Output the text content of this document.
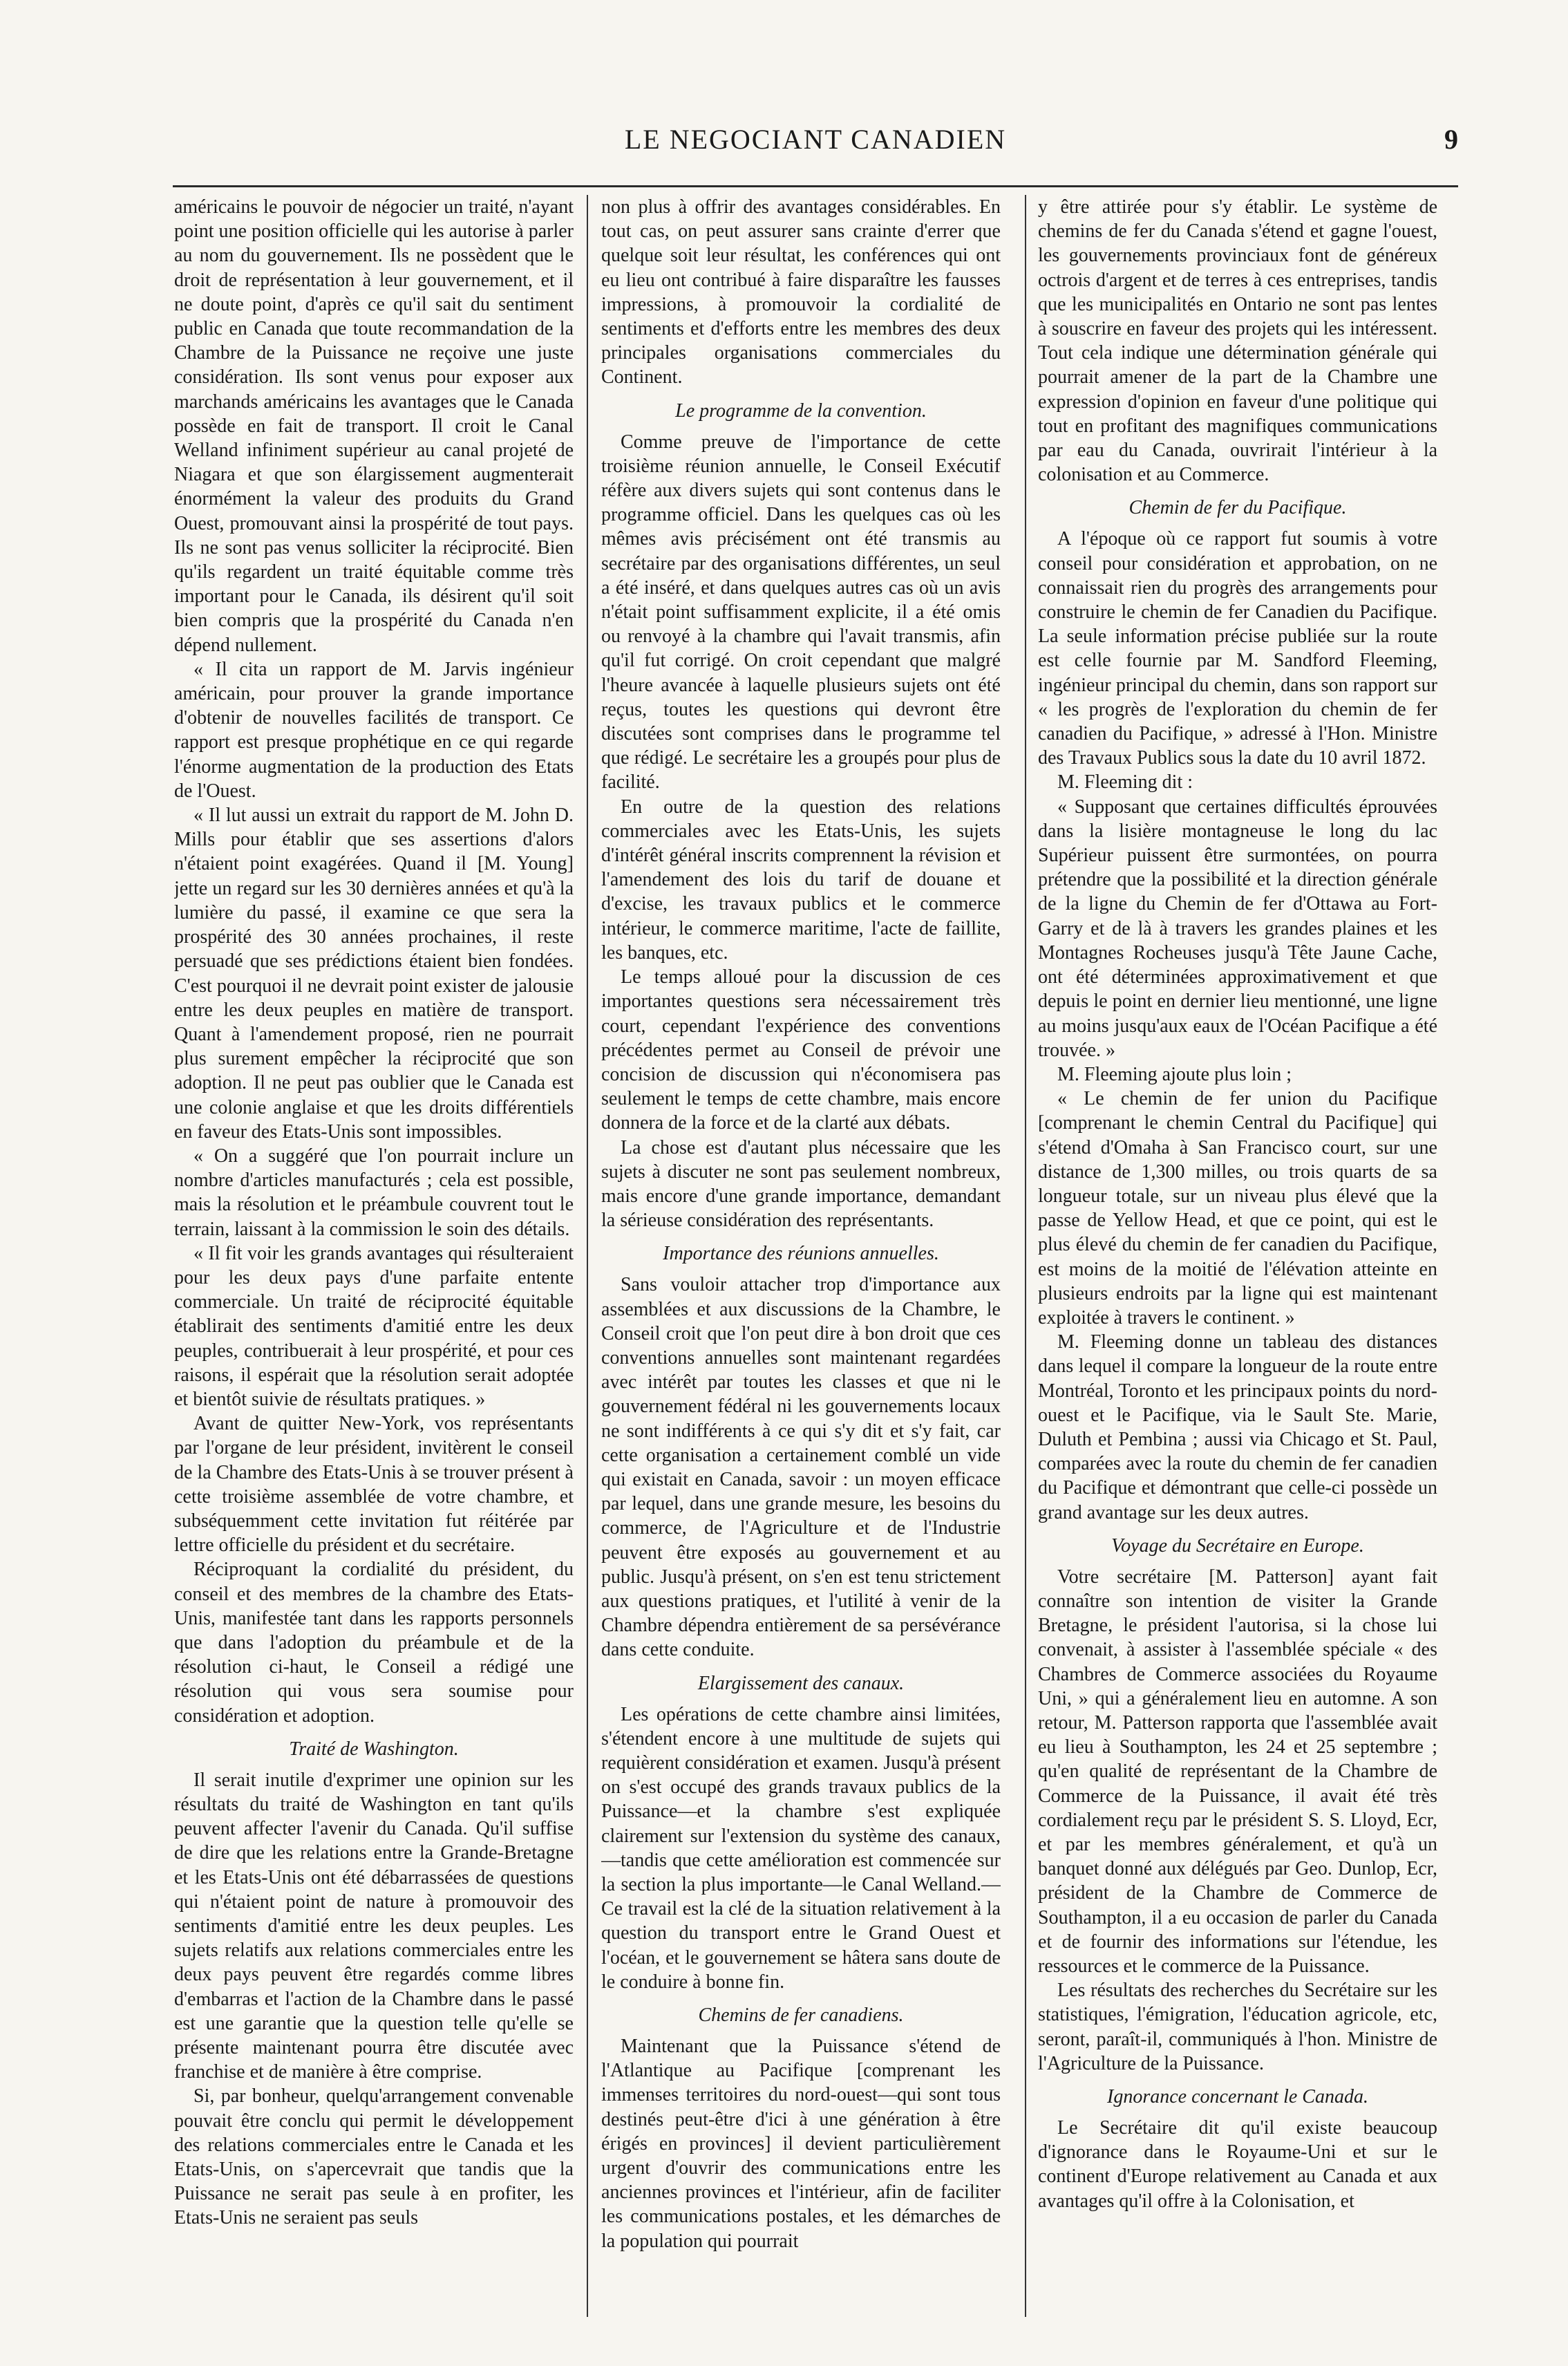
LE NEGOCIANT CANADIEN	9

américains le pouvoir de négocier un traité, n'ayant point une position officielle qui les autorise à parler au nom du gouvernement. Ils ne possèdent que le droit de représentation à leur gouvernement, et il ne doute point, d'après ce qu'il sait du sentiment public en Canada que toute recommandation de la Chambre de la Puissance ne reçoive une juste considération. Ils sont venus pour exposer aux marchands américains les avantages que le Canada possède en fait de transport. Il croit le Canal Welland infiniment supérieur au canal projeté de Niagara et que son élargissement augmenterait énormément la valeur des produits du Grand Ouest, promouvant ainsi la prospérité de tout pays. Ils ne sont pas venus solliciter la réciprocité. Bien qu'ils regardent un traité équitable comme très important pour le Canada, ils désirent qu'il soit bien compris que la prospérité du Canada n'en dépend nullement.

« Il cita un rapport de M. Jarvis ingénieur américain, pour prouver la grande importance d'obtenir de nouvelles facilités de transport. Ce rapport est presque prophétique en ce qui regarde l'énorme augmentation de la production des Etats de l'Ouest.

« Il lut aussi un extrait du rapport de M. John D. Mills pour établir que ses assertions d'alors n'étaient point exagérées. Quand il [M. Young] jette un regard sur les 30 dernières années et qu'à la lumière du passé, il examine ce que sera la prospérité des 30 années prochaines, il reste persuadé que ses prédictions étaient bien fondées. C'est pourquoi il ne devrait point exister de jalousie entre les deux peuples en matière de transport. Quant à l'amendement proposé, rien ne pourrait plus surement empêcher la réciprocité que son adoption. Il ne peut pas oublier que le Canada est une colonie anglaise et que les droits différentiels en faveur des Etats-Unis sont impossibles.

« On a suggéré que l'on pourrait inclure un nombre d'articles manufacturés ; cela est possible, mais la résolution et le préambule couvrent tout le terrain, laissant à la commission le soin des détails.

« Il fit voir les grands avantages qui résulteraient pour les deux pays d'une parfaite entente commerciale. Un traité de réciprocité équitable établirait des sentiments d'amitié entre les deux peuples, contribuerait à leur prospérité, et pour ces raisons, il espérait que la résolution serait adoptée et bientôt suivie de résultats pratiques. »

Avant de quitter New-York, vos représentants par l'organe de leur président, invitèrent le conseil de la Chambre des Etats-Unis à se trouver présent à cette troisième assemblée de votre chambre, et subséquemment cette invitation fut réitérée par lettre officielle du président et du secrétaire.

Réciproquant la cordialité du président, du conseil et des membres de la chambre des Etats-Unis, manifestée tant dans les rapports personnels que dans l'adoption du préambule et de la résolution ci-haut, le Conseil a rédigé une résolution qui vous sera soumise pour considération et adoption.

Traité de Washington.

Il serait inutile d'exprimer une opinion sur les résultats du traité de Washington en tant qu'ils peuvent affecter l'avenir du Canada. Qu'il suffise de dire que les relations entre la Grande-Bretagne et les Etats-Unis ont été débarrassées de questions qui n'étaient point de nature à promouvoir des sentiments d'amitié entre les deux peuples. Les sujets relatifs aux relations commerciales entre les deux pays peuvent être regardés comme libres d'embarras et l'action de la Chambre dans le passé est une garantie que la question telle qu'elle se présente maintenant pourra être discutée avec franchise et de manière à être comprise.

Si, par bonheur, quelqu'arrangement convenable pouvait être conclu qui permit le développement des relations commerciales entre le Canada et les Etats-Unis, on s'apercevrait que tandis que la Puissance ne serait pas seule à en profiter, les Etats-Unis ne seraient pas seuls

non plus à offrir des avantages considérables. En tout cas, on peut assurer sans crainte d'errer que quelque soit leur résultat, les conférences qui ont eu lieu ont contribué à faire disparaître les fausses impressions, à promouvoir la cordialité de sentiments et d'efforts entre les membres des deux principales organisations commerciales du Continent.

Le programme de la convention.

Comme preuve de l'importance de cette troisième réunion annuelle, le Conseil Exécutif réfère aux divers sujets qui sont contenus dans le programme officiel. Dans les quelques cas où les mêmes avis précisément ont été transmis au secrétaire par des organisations différentes, un seul a été inséré, et dans quelques autres cas où un avis n'était point suffisamment explicite, il a été omis ou renvoyé à la chambre qui l'avait transmis, afin qu'il fut corrigé. On croit cependant que malgré l'heure avancée à laquelle plusieurs sujets ont été reçus, toutes les questions qui devront être discutées sont comprises dans le programme tel que rédigé. Le secrétaire les a groupés pour plus de facilité.

En outre de la question des relations commerciales avec les Etats-Unis, les sujets d'intérêt général inscrits comprennent la révision et l'amendement des lois du tarif de douane et d'excise, les travaux publics et le commerce intérieur, le commerce maritime, l'acte de faillite, les banques, etc.

Le temps alloué pour la discussion de ces importantes questions sera nécessairement très court, cependant l'expérience des conventions précédentes permet au Conseil de prévoir une concision de discussion qui n'économisera pas seulement le temps de cette chambre, mais encore donnera de la force et de la clarté aux débats.

La chose est d'autant plus nécessaire que les sujets à discuter ne sont pas seulement nombreux, mais encore d'une grande importance, demandant la sérieuse considération des représentants.

Importance des réunions annuelles.

Sans vouloir attacher trop d'importance aux assemblées et aux discussions de la Chambre, le Conseil croit que l'on peut dire à bon droit que ces conventions annuelles sont maintenant regardées avec intérêt par toutes les classes et que ni le gouvernement fédéral ni les gouvernements locaux ne sont indifférents à ce qui s'y dit et s'y fait, car cette organisation a certainement comblé un vide qui existait en Canada, savoir : un moyen efficace par lequel, dans une grande mesure, les besoins du commerce, de l'Agriculture et de l'Industrie peuvent être exposés au gouvernement et au public. Jusqu'à présent, on s'en est tenu strictement aux questions pratiques, et l'utilité à venir de la Chambre dépendra entièrement de sa persévérance dans cette conduite.

Elargissement des canaux.

Les opérations de cette chambre ainsi limitées, s'étendent encore à une multitude de sujets qui requièrent considération et examen. Jusqu'à présent on s'est occupé des grands travaux publics de la Puissance—et la chambre s'est expliquée clairement sur l'extension du système des canaux,—tandis que cette amélioration est commencée sur la section la plus importante—le Canal Welland.—Ce travail est la clé de la situation relativement à la question du transport entre le Grand Ouest et l'océan, et le gouvernement se hâtera sans doute de le conduire à bonne fin.

Chemins de fer canadiens.

Maintenant que la Puissance s'étend de l'Atlantique au Pacifique [comprenant les immenses territoires du nord-ouest—qui sont tous destinés peut-être d'ici à une génération à être érigés en provinces] il devient particulièrement urgent d'ouvrir des communications entre les anciennes provinces et l'intérieur, afin de faciliter les communications postales, et les démarches de la population qui pourrait

y être attirée pour s'y établir. Le système de chemins de fer du Canada s'étend et gagne l'ouest, les gouvernements provinciaux font de généreux octrois d'argent et de terres à ces entreprises, tandis que les municipalités en Ontario ne sont pas lentes à souscrire en faveur des projets qui les intéressent. Tout cela indique une détermination générale qui pourrait amener de la part de la Chambre une expression d'opinion en faveur d'une politique qui tout en profitant des magnifiques communications par eau du Canada, ouvrirait l'intérieur à la colonisation et au Commerce.

Chemin de fer du Pacifique.

A l'époque où ce rapport fut soumis à votre conseil pour considération et approbation, on ne connaissait rien du progrès des arrangements pour construire le chemin de fer Canadien du Pacifique. La seule information précise publiée sur la route est celle fournie par M. Sandford Fleeming, ingénieur principal du chemin, dans son rapport sur « les progrès de l'exploration du chemin de fer canadien du Pacifique, » adressé à l'Hon. Ministre des Travaux Publics sous la date du 10 avril 1872.

M. Fleeming dit :

« Supposant que certaines difficultés éprouvées dans la lisière montagneuse le long du lac Supérieur puissent être surmontées, on pourra prétendre que la possibilité et la direction générale de la ligne du Chemin de fer d'Ottawa au Fort-Garry et de là à travers les grandes plaines et les Montagnes Rocheuses jusqu'à Tête Jaune Cache, ont été déterminées approximativement et que depuis le point en dernier lieu mentionné, une ligne au moins jusqu'aux eaux de l'Océan Pacifique a été trouvée. »

M. Fleeming ajoute plus loin ;

« Le chemin de fer union du Pacifique [comprenant le chemin Central du Pacifique] qui s'étend d'Omaha à San Francisco court, sur une distance de 1,300 milles, ou trois quarts de sa longueur totale, sur un niveau plus élevé que la passe de Yellow Head, et que ce point, qui est le plus élevé du chemin de fer canadien du Pacifique, est moins de la moitié de l'élévation atteinte en plusieurs endroits par la ligne qui est maintenant exploitée à travers le continent. »

M. Fleeming donne un tableau des distances dans lequel il compare la longueur de la route entre Montréal, Toronto et les principaux points du nord-ouest et le Pacifique, via le Sault Ste. Marie, Duluth et Pembina ; aussi via Chicago et St. Paul, comparées avec la route du chemin de fer canadien du Pacifique et démontrant que celle-ci possède un grand avantage sur les deux autres.

Voyage du Secrétaire en Europe.

Votre secrétaire [M. Patterson] ayant fait connaître son intention de visiter la Grande Bretagne, le président l'autorisa, si la chose lui convenait, à assister à l'assemblée spéciale « des Chambres de Commerce associées du Royaume Uni, » qui a généralement lieu en automne. A son retour, M. Patterson rapporta que l'assemblée avait eu lieu à Southampton, les 24 et 25 septembre ; qu'en qualité de représentant de la Chambre de Commerce de la Puissance, il avait été très cordialement reçu par le président S. S. Lloyd, Ecr, et par les membres généralement, et qu'à un banquet donné aux délégués par Geo. Dunlop, Ecr, président de la Chambre de Commerce de Southampton, il a eu occasion de parler du Canada et de fournir des informations sur l'étendue, les ressources et le commerce de la Puissance.

Les résultats des recherches du Secrétaire sur les statistiques, l'émigration, l'éducation agricole, etc, seront, paraît-il, communiqués à l'hon. Ministre de l'Agriculture de la Puissance.

Ignorance concernant le Canada.

Le Secrétaire dit qu'il existe beaucoup d'ignorance dans le Royaume-Uni et sur le continent d'Europe relativement au Canada et aux avantages qu'il offre à la Colonisation, et
